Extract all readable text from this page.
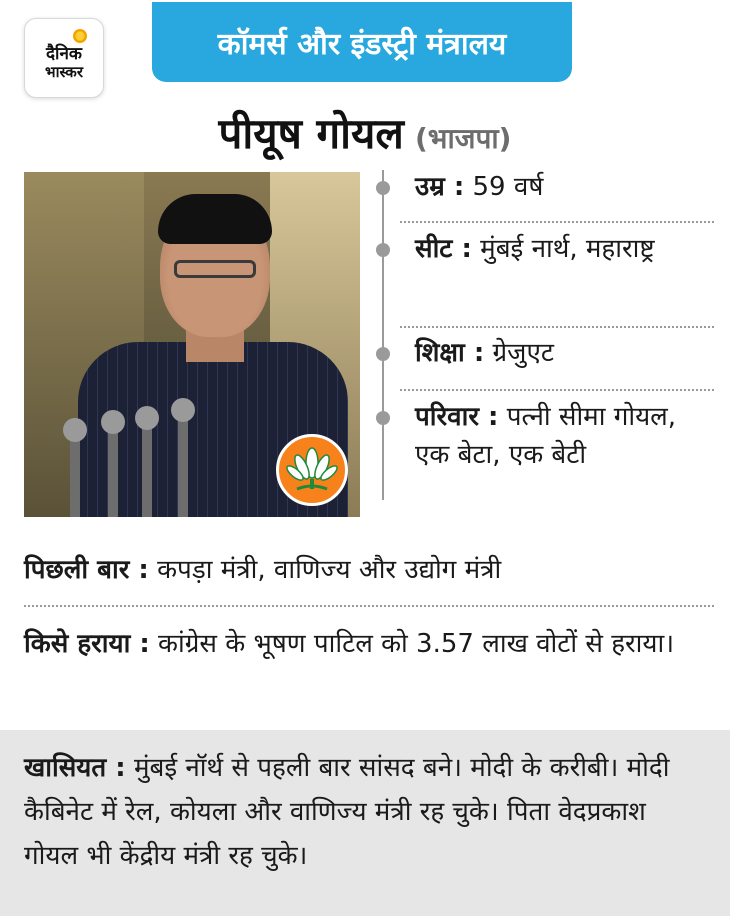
दैनिक
भास्कर
कॉमर्स और इंडस्ट्री मंत्रालय
पीयूष गोयल (भाजपा)
उम्र : 59 वर्ष
सीट : मुंबई नार्थ, महाराष्ट्र
शिक्षा : ग्रेजुएट
परिवार : पत्नी सीमा गोयल, एक बेटा, एक बेटी
पिछली बार : कपड़ा मंत्री, वाणिज्य और उद्योग मंत्री
किसे हराया : कांग्रेस के भूषण पाटिल को 3.57 लाख वोटों से हराया।
खासियत : मुंबई नॉर्थ से पहली बार सांसद बने। मोदी के करीबी। मोदी कैबिनेट में रेल, कोयला और वाणिज्य मंत्री रह चुके। पिता वेदप्रकाश गोयल भी केंद्रीय मंत्री रह चुके।
